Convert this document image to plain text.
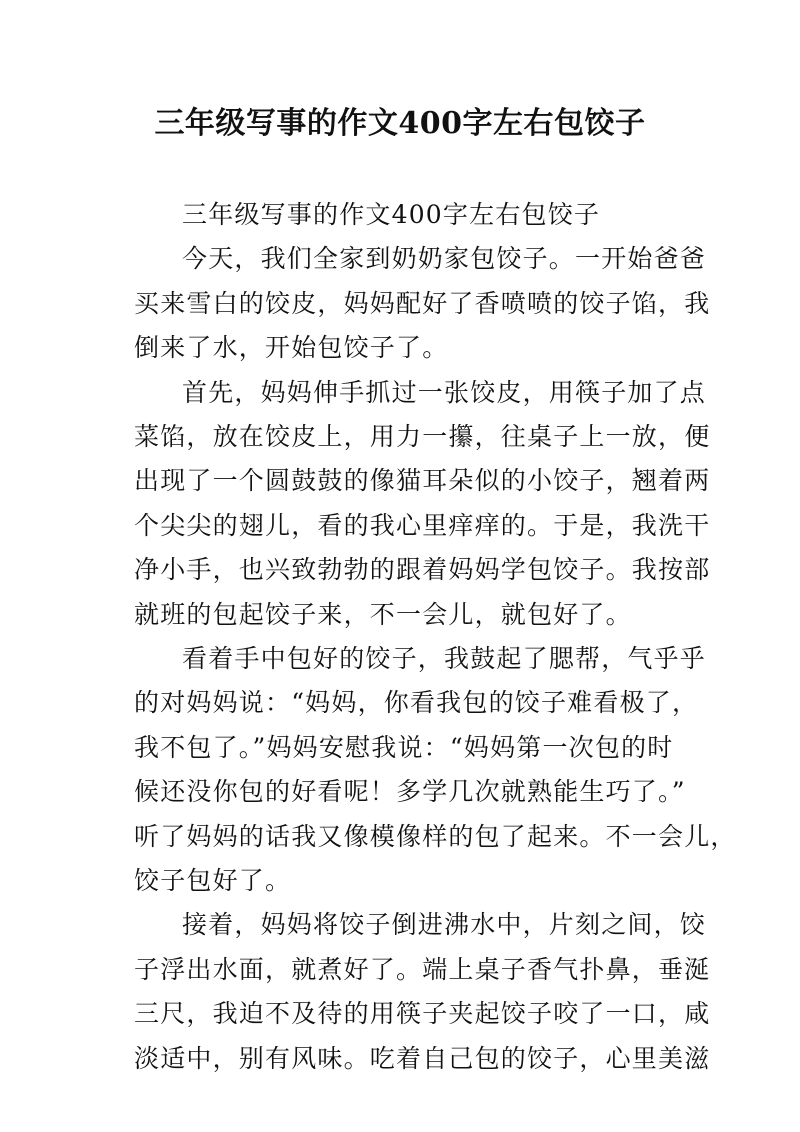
三年级写事的作文400字左右包饺子
三年级写事的作文400字左右包饺子
今天，我们全家到奶奶家包饺子。一开始爸爸
买来雪白的饺皮，妈妈配好了香喷喷的饺子馅，我
倒来了水，开始包饺子了。
首先，妈妈伸手抓过一张饺皮，用筷子加了点
菜馅，放在饺皮上，用力一攥，往桌子上一放，便
出现了一个圆鼓鼓的像猫耳朵似的小饺子，翘着两
个尖尖的翅儿，看的我心里痒痒的。于是，我洗干
净小手，也兴致勃勃的跟着妈妈学包饺子。我按部
就班的包起饺子来，不一会儿，就包好了。
看着手中包好的饺子，我鼓起了腮帮，气乎乎
的对妈妈说：“妈妈，你看我包的饺子难看极了，
我不包了。”妈妈安慰我说：“妈妈第一次包的时
候还没你包的好看呢！多学几次就熟能生巧了。”
听了妈妈的话我又像模像样的包了起来。不一会儿，
饺子包好了。
接着，妈妈将饺子倒进沸水中，片刻之间，饺
子浮出水面，就煮好了。端上桌子香气扑鼻，垂涎
三尺，我迫不及待的用筷子夹起饺子咬了一口，咸
淡适中，别有风味。吃着自己包的饺子，心里美滋
